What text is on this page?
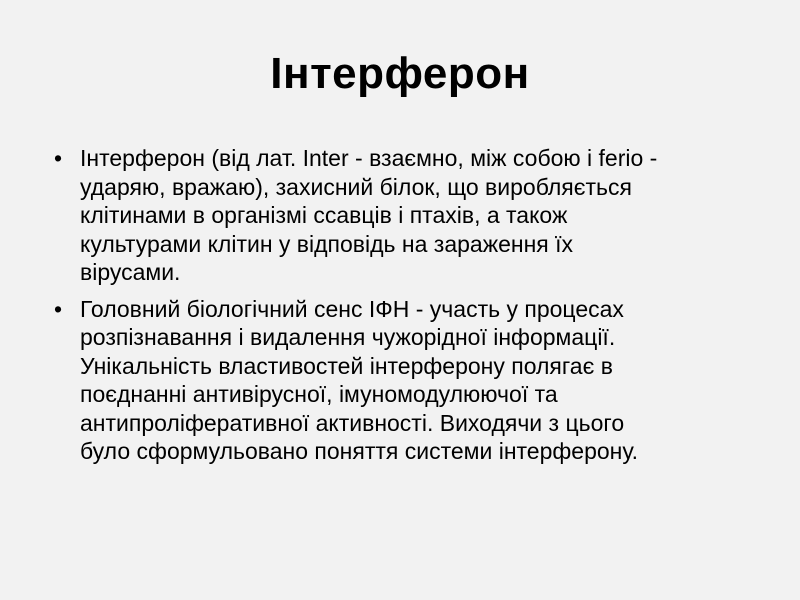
Інтерферон
• Інтерферон (від лат. Inter - взаємно, між собою і ferio -
ударяю, вражаю), захисний білок, що виробляється
клітинами в організмі ссавців і птахів, а також
культурами клітин у відповідь на зараження їх
вірусами.
• Головний біологічний сенс ІФН - участь у процесах
розпізнавання і видалення чужорідної інформації.
Унікальність властивостей інтерферону полягає в
поєднанні антивірусної, імуномодулюючої та
антипроліферативної активності. Виходячи з цього
було сформульовано поняття системи інтерферону.
